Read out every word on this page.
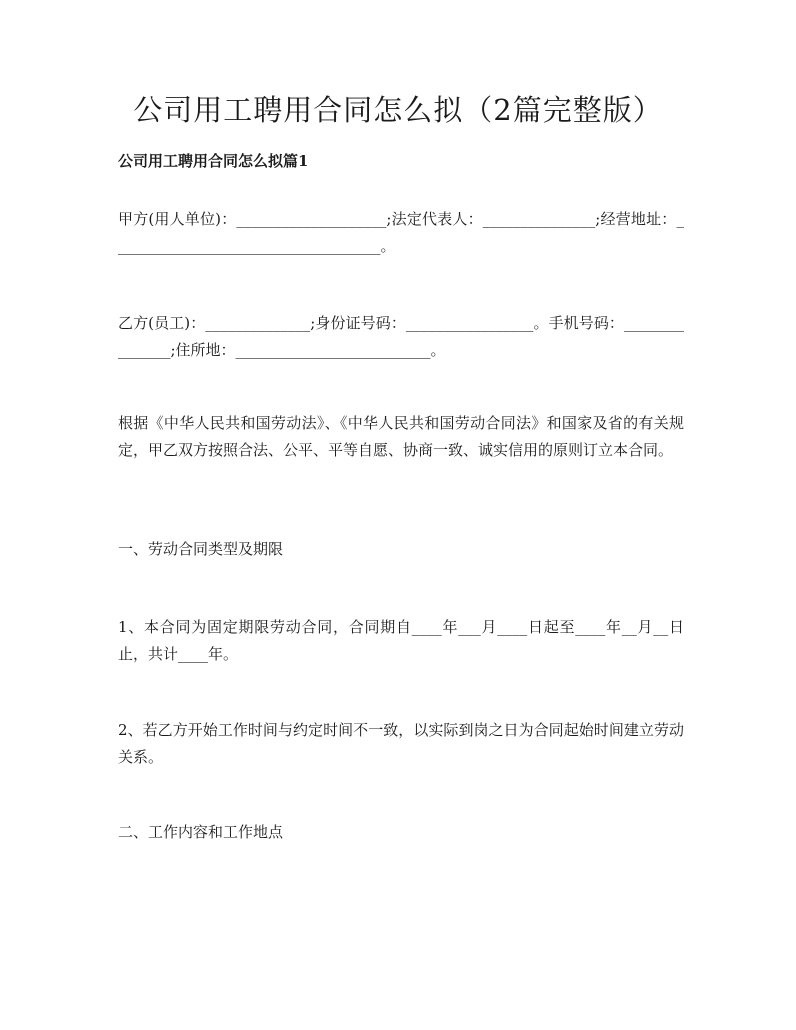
公司用工聘用合同怎么拟（2篇完整版）
公司用工聘用合同怎么拟篇1

甲方(用人单位)：____________________;法定代表人：_______________;经营地址：____________________________________。

乙方(员工)：______________;身份证号码：_________________。手机号码：_______________;住所地：__________________________。

根据《中华人民共和国劳动法》、《中华人民共和国劳动合同法》和国家及省的有关规定，甲乙双方按照合法、公平、平等自愿、协商一致、诚实信用的原则订立本合同。

一、劳动合同类型及期限

1、本合同为固定期限劳动合同，合同期自____年___月____日起至____年__月__日止，共计____年。

2、若乙方开始工作时间与约定时间不一致，以实际到岗之日为合同起始时间建立劳动关系。

二、工作内容和工作地点
